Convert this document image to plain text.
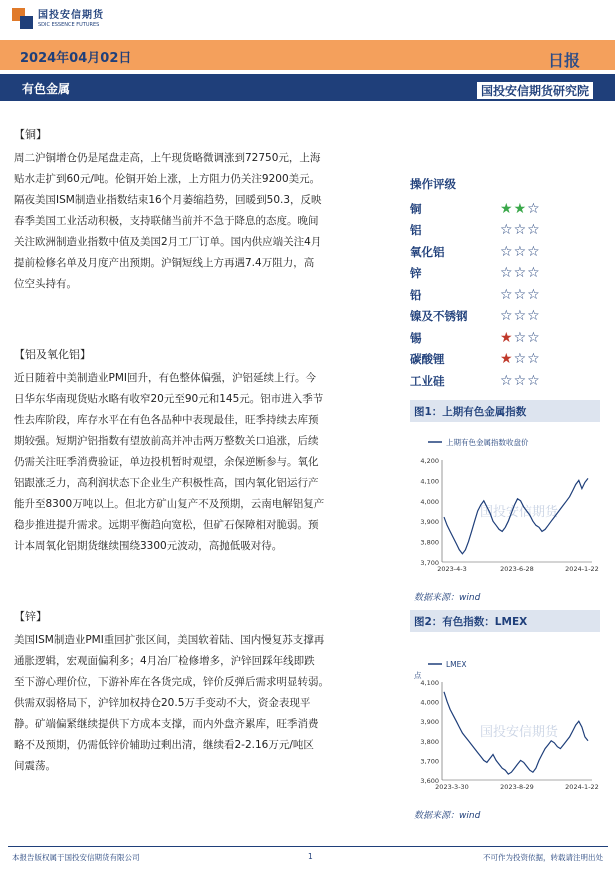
国投安信期货
SDIC ESSENCE FUTURES
2024年04月02日	日报
有色金属	国投安信期货研究院
【铜】
周二沪铜增仓仍是尾盘走高，上午现货略微调涨到72750元，上海
贴水走扩到60元/吨。伦铜开始上涨，上方阻力仍关注9200美元。
隔夜美国ISM制造业指数结束16个月萎缩趋势，回暖到50.3，反映
春季美国工业活动积极，支持联储当前并不急于降息的态度。晚间
关注欧洲制造业指数中值及美国2月工厂订单。国内供应端关注4月
提前检修名单及月度产出预期。沪铜短线上方再遇7.4万阻力，高
位空头持有。
【铝及氧化铝】
近日随着中美制造业PMI回升，有色整体偏强，沪铝延续上行。今
日华东华南现货贴水略有收窄20元至90元和145元。铝市进入季节
性去库阶段，库存水平在有色各品种中表现最佳，旺季持续去库预
期较强。短期沪铝指数有望放前高并冲击两万整数关口追涨，后续
仍需关注旺季消费验证，单边投机暂时观望，余保逆断参与。氧化
铝跟涨乏力，高利润状态下企业生产积极性高，国内氧化铝运行产
能升至8300万吨以上。但北方矿山复产不及预期，云南电解铝复产
稳步推进提升需求。远期平衡趋向宽松，但矿石保障相对脆弱。预
计本周氧化铝期货继续围绕3300元波动，高抛低吸对待。
【锌】
美国ISM制造业PMI重回扩张区间，美国软着陆、国内慢复苏支撑再
通胀逻辑，宏观面偏利多；4月冶厂检修增多，沪锌回踩年线即跌
至下游心理价位，下游补库在各货完成，锌价反弹后需求明显转弱。
供需双弱格局下，沪锌加权持仓20.5万手变动不大，资金表现平
静。矿端偏紧继续提供下方成本支撑，而内外盘齐累库，旺季消费
略不及预期，仍需低锌价辅助过剩出清，继续看2-2.16万元/吨区
间震荡。
操作评级
铜	★★☆
铝	☆☆☆
氧化铝	☆☆☆
锌	☆☆☆
铅	☆☆☆
镍及不锈钢	☆☆☆
锡	★☆☆
碳酸锂	★☆☆
工业硅	☆☆☆
图1：上期有色金属指数
上期有色金属指数收盘价
国投安信期货
3,700
3,800
3,900
4,000
4,100
4,200
2023-4-3	2023-6-28	2024-1-22
数据来源：wind
图2：有色指数：LMEX
LMEX
点
国投安信期货
3,600
3,700
3,800
3,900
4,000
4,100
2023-3-30	2023-8-29	2024-1-22
数据来源：wind
本报告版权属于国投安信期货有限公司	1	不可作为投资依据，转载请注明出处
